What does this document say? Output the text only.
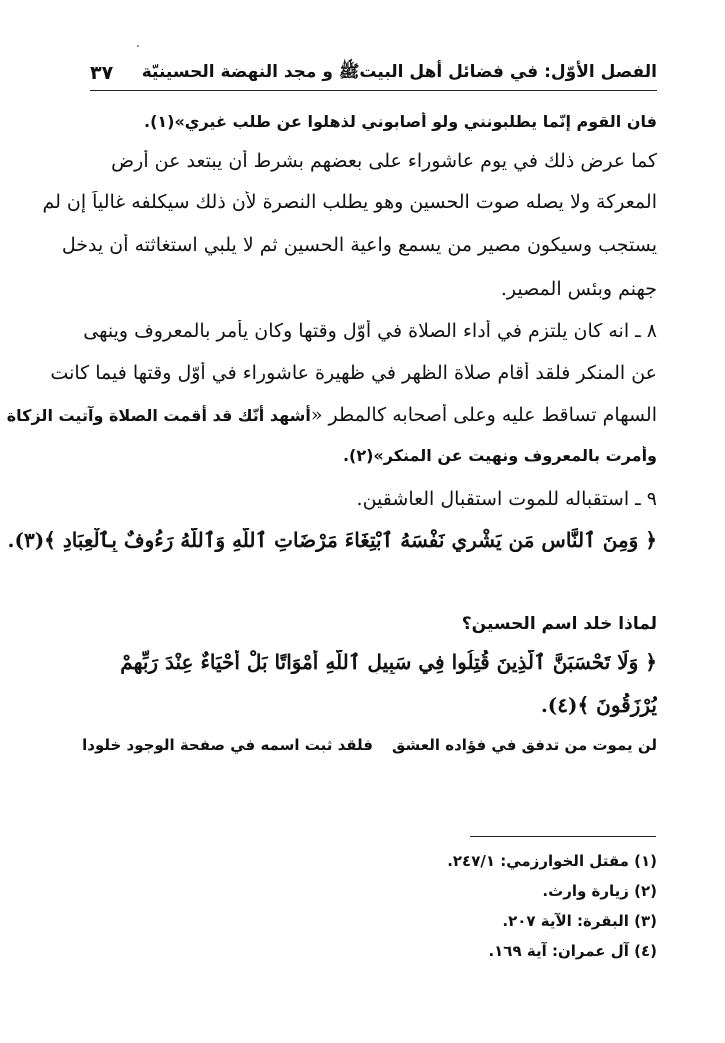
٣٧ الفصل الأوّل: في فضائل أهل البيتﷺ و مجد النهضة الحسينيّة
فان القوم إنّما يطلبونني ولو أصابوني لذهلوا عن طلب غيري»(١).
كما عرض ذلك في يوم عاشوراء على بعضهم بشرط أن يبتعد عن أرض
المعركة ولا يصله صوت الحسين وهو يطلب النصرة لأن ذلك سيكلفه غالياً إن لم
يستجب وسيكون مصير من يسمع واعية الحسين ثم لا يلبي استغاثته أن يدخل
جهنم وبئس المصير.
٨ ـ انه كان يلتزم في أداء الصلاة في أوّل وقتها وكان يأمر بالمعروف وينهى
عن المنكر فلقد أقام صلاة الظهر في ظهيرة عاشوراء في أوّل وقتها فيما كانت
السهام تساقط عليه وعلى أصحابه كالمطر «أشهد أنّك قد أقمت الصلاة وآتيت الزكاة
وأمرت بالمعروف ونهيت عن المنكر»(٢).
٩ ـ استقباله للموت استقبال العاشقين.
﴿ وَمِنَ ٱلنَّاسِ مَن يَشْرِي نَفْسَهُ ٱبْتِغَاءَ مَرْضَاتِ ٱللَّهِ وَٱللَّهُ رَءُوفٌ بِٱلْعِبَادِ ﴾(٣).
لماذا خلد اسم الحسين؟
﴿ وَلَا تَحْسَبَنَّ ٱلَّذِينَ قُتِلُوا فِي سَبِيلِ ٱللَّهِ أَمْوَاتًا بَلْ أَحْيَاءٌ عِنْدَ رَبِّهِمْ
يُرْزَقُونَ ﴾(٤).
لن يموت من تدفق في فؤاده العشق
فلقد ثبت اسمه في صفحة الوجود خلودا
(١) مقتل الخوارزمي: ٢٤٧/١.
(٢) زيارة وارث.
(٣) البقرة: الآية ٢٠٧.
(٤) آل عمران: آية ١٦٩.
